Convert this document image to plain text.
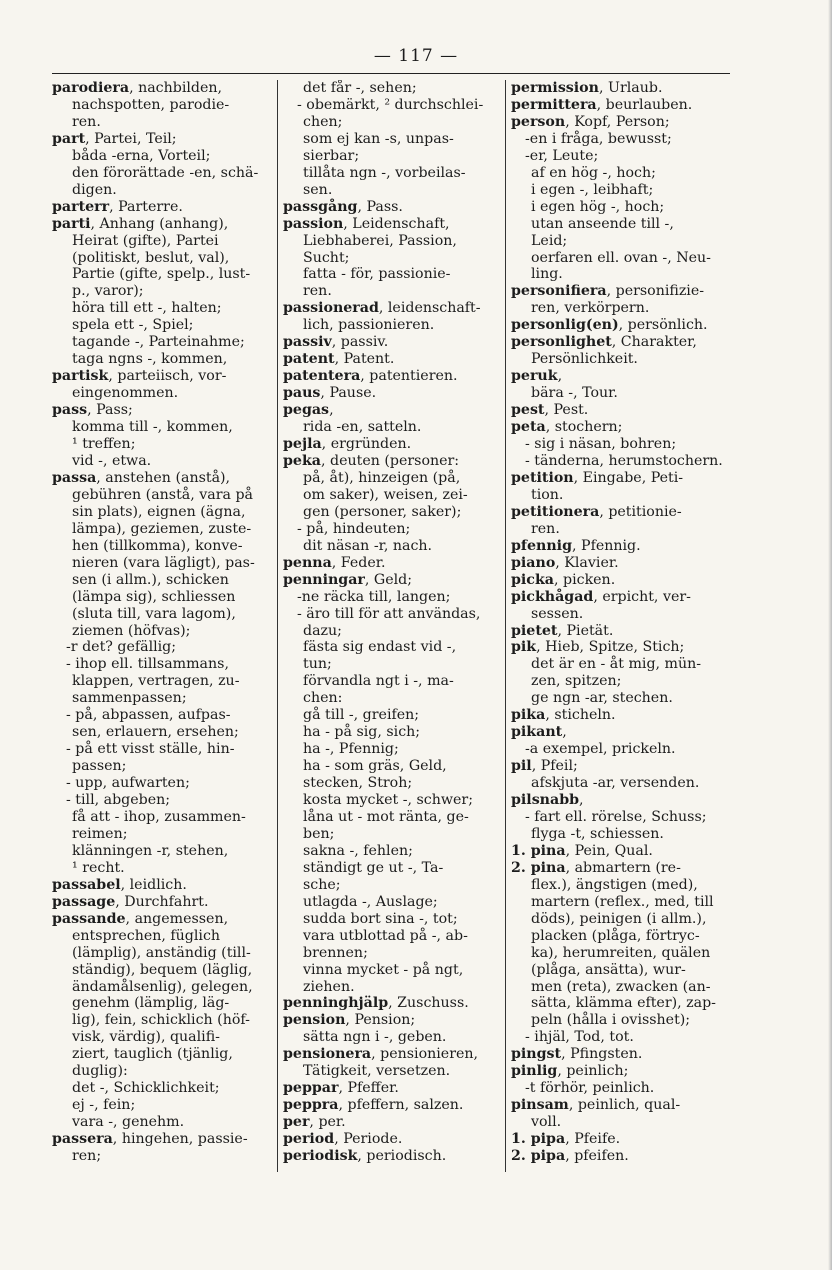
— 117 —
parodiera, nachbilden,
nachspotten, parodie-
ren.
part, Partei, Teil;
båda -erna, Vorteil;
den förorättade -en, schä-
digen.
parterr, Parterre.
parti, Anhang (anhang),
Heirat (gifte), Partei
(politiskt, beslut, val),
Partie (gifte, spelp., lust-
p., varor);
höra till ett -, halten;
spela ett -, Spiel;
tagande -, Parteinahme;
taga ngns -, kommen,
partisk, parteiisch, vor-
eingenommen.
pass, Pass;
komma till -, kommen,
¹ treffen;
vid -, etwa.
passa, anstehen (anstå),
gebühren (anstå, vara på
sin plats), eignen (ägna,
lämpa), geziemen, zuste-
hen (tillkomma), konve-
nieren (vara lägligt), pas-
sen (i allm.), schicken
(lämpa sig), schliessen
(sluta till, vara lagom),
ziemen (höfvas);
-r det? gefällig;
- ihop ell. tillsammans,
klappen, vertragen, zu-
sammenpassen;
- på, abpassen, aufpas-
sen, erlauern, ersehen;
- på ett visst ställe, hin-
passen;
- upp, aufwarten;
- till, abgeben;
få att - ihop, zusammen-
reimen;
klänningen -r, stehen,
¹ recht.
passabel, leidlich.
passage, Durchfahrt.
passande, angemessen,
entsprechen, füglich
(lämplig), anständig (till-
ständig), bequem (läglig,
ändamålsenlig), gelegen,
genehm (lämplig, läg-
lig), fein, schicklich (höf-
visk, värdig), qualifi-
ziert, tauglich (tjänlig,
duglig):
det -, Schicklichkeit;
ej -, fein;
vara -, genehm.
passera, hingehen, passie-
ren;
det får -, sehen;
- obemärkt, ² durchschlei-
chen;
som ej kan -s, unpas-
sierbar;
tillåta ngn -, vorbeilas-
sen.
passgång, Pass.
passion, Leidenschaft,
Liebhaberei, Passion,
Sucht;
fatta - för, passionie-
ren.
passionerad, leidenschaft-
lich, passionieren.
passiv, passiv.
patent, Patent.
patentera, patentieren.
paus, Pause.
pegas,
rida -en, satteln.
pejla, ergründen.
peka, deuten (personer:
på, åt), hinzeigen (på,
om saker), weisen, zei-
gen (personer, saker);
- på, hindeuten;
dit näsan -r, nach.
penna, Feder.
penningar, Geld;
-ne räcka till, langen;
- äro till för att användas,
dazu;
fästa sig endast vid -,
tun;
förvandla ngt i -, ma-
chen:
gå till -, greifen;
ha - på sig, sich;
ha -, Pfennig;
ha - som gräs, Geld,
stecken, Stroh;
kosta mycket -, schwer;
låna ut - mot ränta, ge-
ben;
sakna -, fehlen;
ständigt ge ut -, Ta-
sche;
utlagda -, Auslage;
sudda bort sina -, tot;
vara utblottad på -, ab-
brennen;
vinna mycket - på ngt,
ziehen.
penninghjälp, Zuschuss.
pension, Pension;
sätta ngn i -, geben.
pensionera, pensionieren,
Tätigkeit, versetzen.
peppar, Pfeffer.
peppra, pfeffern, salzen.
per, per.
period, Periode.
periodisk, periodisch.
permission, Urlaub.
permittera, beurlauben.
person, Kopf, Person;
-en i fråga, bewusst;
-er, Leute;
af en hög -, hoch;
i egen -, leibhaft;
i egen hög -, hoch;
utan anseende till -,
Leid;
oerfaren ell. ovan -, Neu-
ling.
personifiera, personifizie-
ren, verkörpern.
personlig(en), persönlich.
personlighet, Charakter,
Persönlichkeit.
peruk,
bära -, Tour.
pest, Pest.
peta, stochern;
- sig i näsan, bohren;
- tänderna, herumstochern.
petition, Eingabe, Peti-
tion.
petitionera, petitionie-
ren.
pfennig, Pfennig.
piano, Klavier.
picka, picken.
pickhågad, erpicht, ver-
sessen.
pietet, Pietät.
pik, Hieb, Spitze, Stich;
det är en - åt mig, mün-
zen, spitzen;
ge ngn -ar, stechen.
pika, sticheln.
pikant,
-a exempel, prickeln.
pil, Pfeil;
afskjuta -ar, versenden.
pilsnabb,
- fart ell. rörelse, Schuss;
flyga -t, schiessen.
1. pina, Pein, Qual.
2. pina, abmartern (re-
flex.), ängstigen (med),
martern (reflex., med, till
döds), peinigen (i allm.),
placken (plåga, förtryc-
ka), herumreiten, quälen
(plåga, ansätta), wur-
men (reta), zwacken (an-
sätta, klämma efter), zap-
peln (hålla i ovisshet);
- ihjäl, Tod, tot.
pingst, Pfingsten.
pinlig, peinlich;
-t förhör, peinlich.
pinsam, peinlich, qual-
voll.
1. pipa, Pfeife.
2. pipa, pfeifen.
